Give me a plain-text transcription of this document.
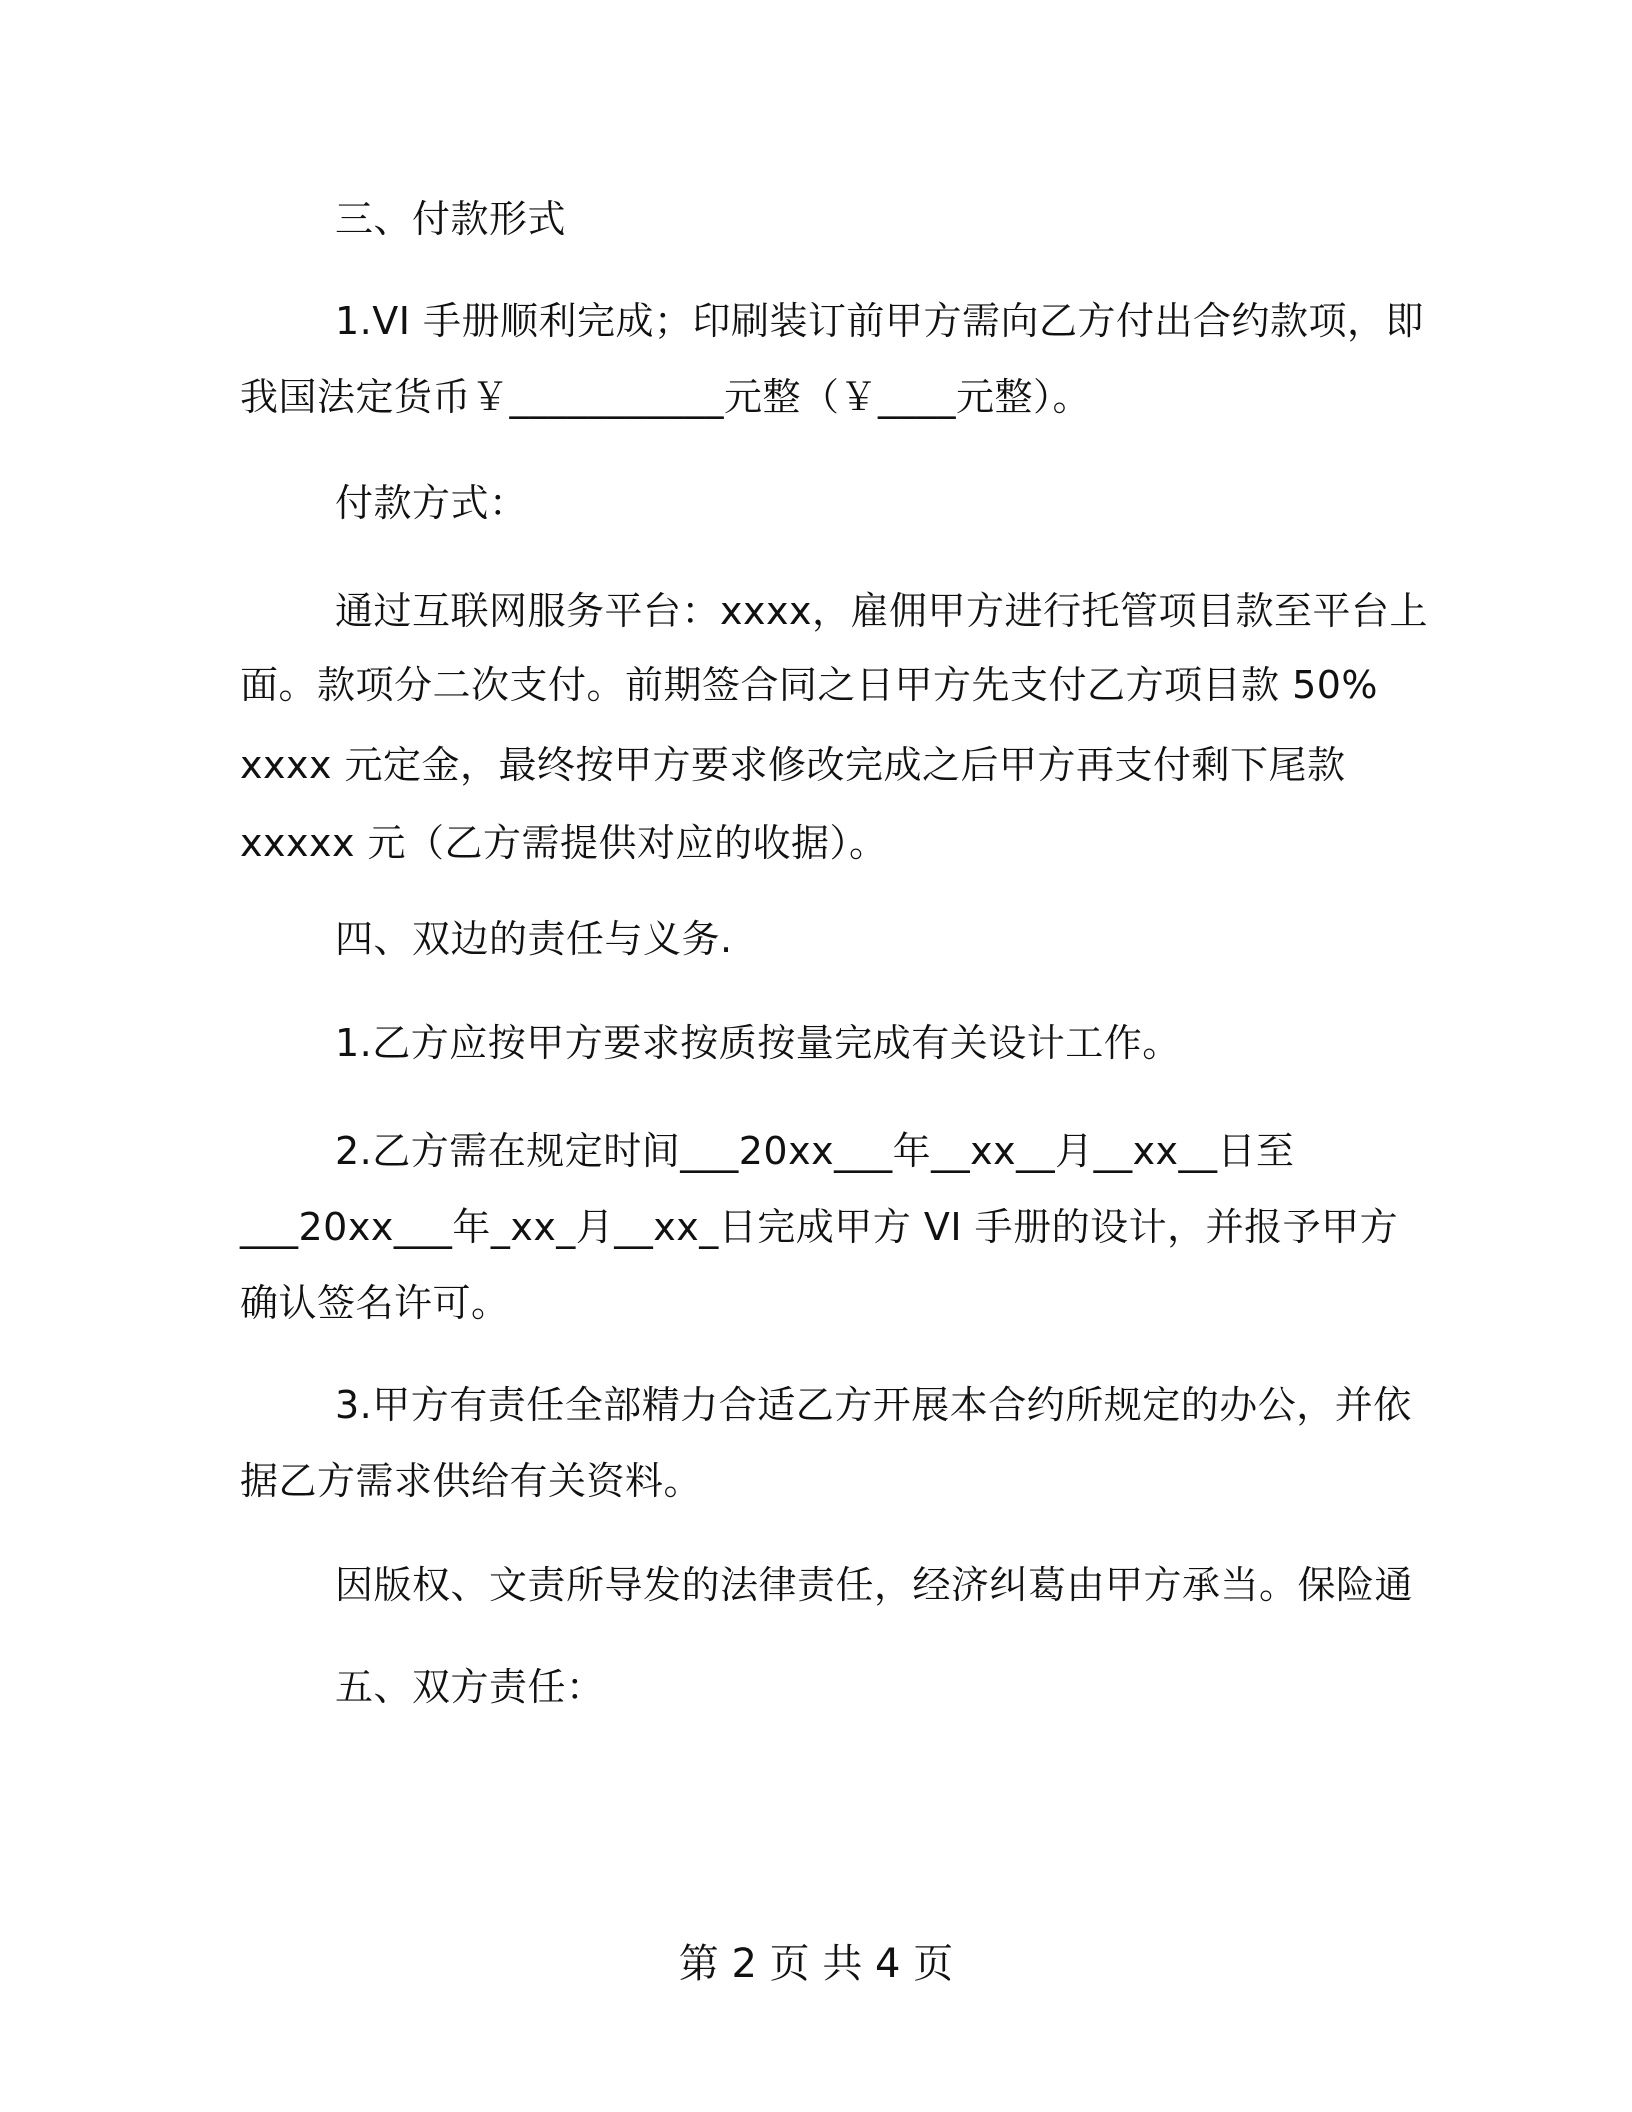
三、付款形式
1.VI 手册顺利完成；印刷装订前甲方需向乙方付出合约款项，即
我国法定货币￥___________元整（￥____元整）。
付款方式：
通过互联网服务平台：xxxx，雇佣甲方进行托管项目款至平台上
面。款项分二次支付。前期签合同之日甲方先支付乙方项目款 50%
xxxx 元定金，最终按甲方要求修改完成之后甲方再支付剩下尾款
xxxxx 元（乙方需提供对应的收据）。
四、双边的责任与义务.
1.乙方应按甲方要求按质按量完成有关设计工作。
2.乙方需在规定时间___20xx___年__xx__月__xx__日至
___20xx___年_xx_月__xx_日完成甲方 VI 手册的设计，并报予甲方
确认签名许可。
3.甲方有责任全部精力合适乙方开展本合约所规定的办公，并依
据乙方需求供给有关资料。
因版权、文责所导发的法律责任，经济纠葛由甲方承当。保险通
五、双方责任：
第 2 页 共 4 页
